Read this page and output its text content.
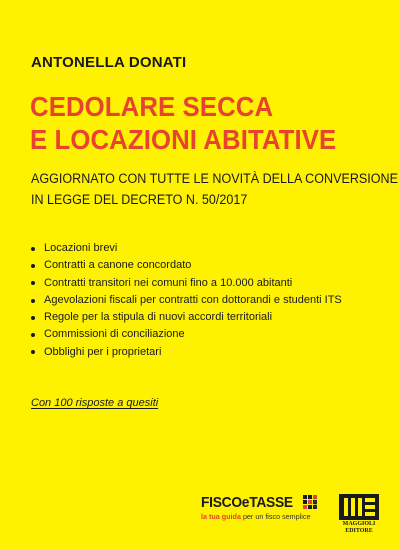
ANTONELLA DONATI
CEDOLARE SECCA
E LOCAZIONI ABITATIVE
AGGIORNATO CON TUTTE LE NOVITÀ DELLA CONVERSIONE
IN LEGGE DEL DECRETO N. 50/2017
Locazioni brevi
Contratti a canone concordato
Contratti transitori nei comuni fino a 10.000 abitanti
Agevolazioni fiscali per contratti con dottorandi e studenti ITS
Regole per la stipula di nuovi accordi territoriali
Commissioni di conciliazione
Obblighi per i proprietari
Con 100 risposte a quesiti
FISCOeTASSE	.com
la tua guida per un fisco semplice
MAGGIOLI
EDITORE
